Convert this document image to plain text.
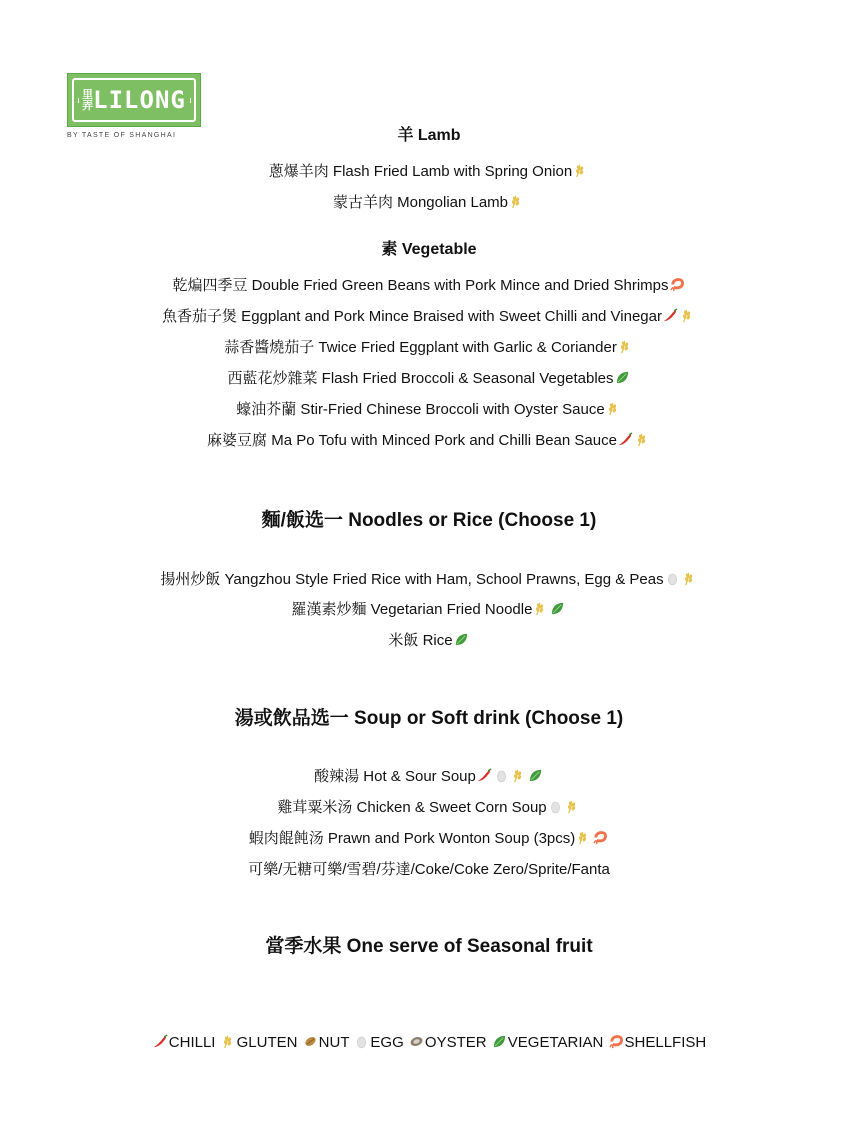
里弄 LILONG
BY TASTE OF SHANGHAI	羊 Lamb
蔥爆羊肉 Flash Fried Lamb with Spring Onion
蒙古羊肉 Mongolian Lamb
素 Vegetable
乾煸四季豆 Double Fried Green Beans with Pork Mince and Dried Shrimps
魚香茄子煲 Eggplant and Pork Mince Braised with Sweet Chilli and Vinegar
蒜香醬燒茄子 Twice Fried Eggplant with Garlic & Coriander
西藍花炒雜菜 Flash Fried Broccoli & Seasonal Vegetables
蠔油芥蘭 Stir-Fried Chinese Broccoli with Oyster Sauce
麻婆豆腐 Ma Po Tofu with Minced Pork and Chilli Bean Sauce
麵/飯选一 Noodles or Rice (Choose 1)
揚州炒飯 Yangzhou Style Fried Rice with Ham, School Prawns, Egg & Peas
羅漢素炒麵 Vegetarian Fried Noodle
米飯 Rice
湯或飲品选一 Soup or Soft drink (Choose 1)
酸辣湯 Hot & Sour Soup
雞茸粟米汤 Chicken & Sweet Corn Soup
蝦肉餛飩汤 Prawn and Pork Wonton Soup (3pcs)
可樂/无糖可樂/雪碧/芬達/Coke/Coke Zero/Sprite/Fanta
當季水果 One serve of Seasonal fruit
CHILLI GLUTEN NUT EGG OYSTER VEGETARIAN SHELLFISH
